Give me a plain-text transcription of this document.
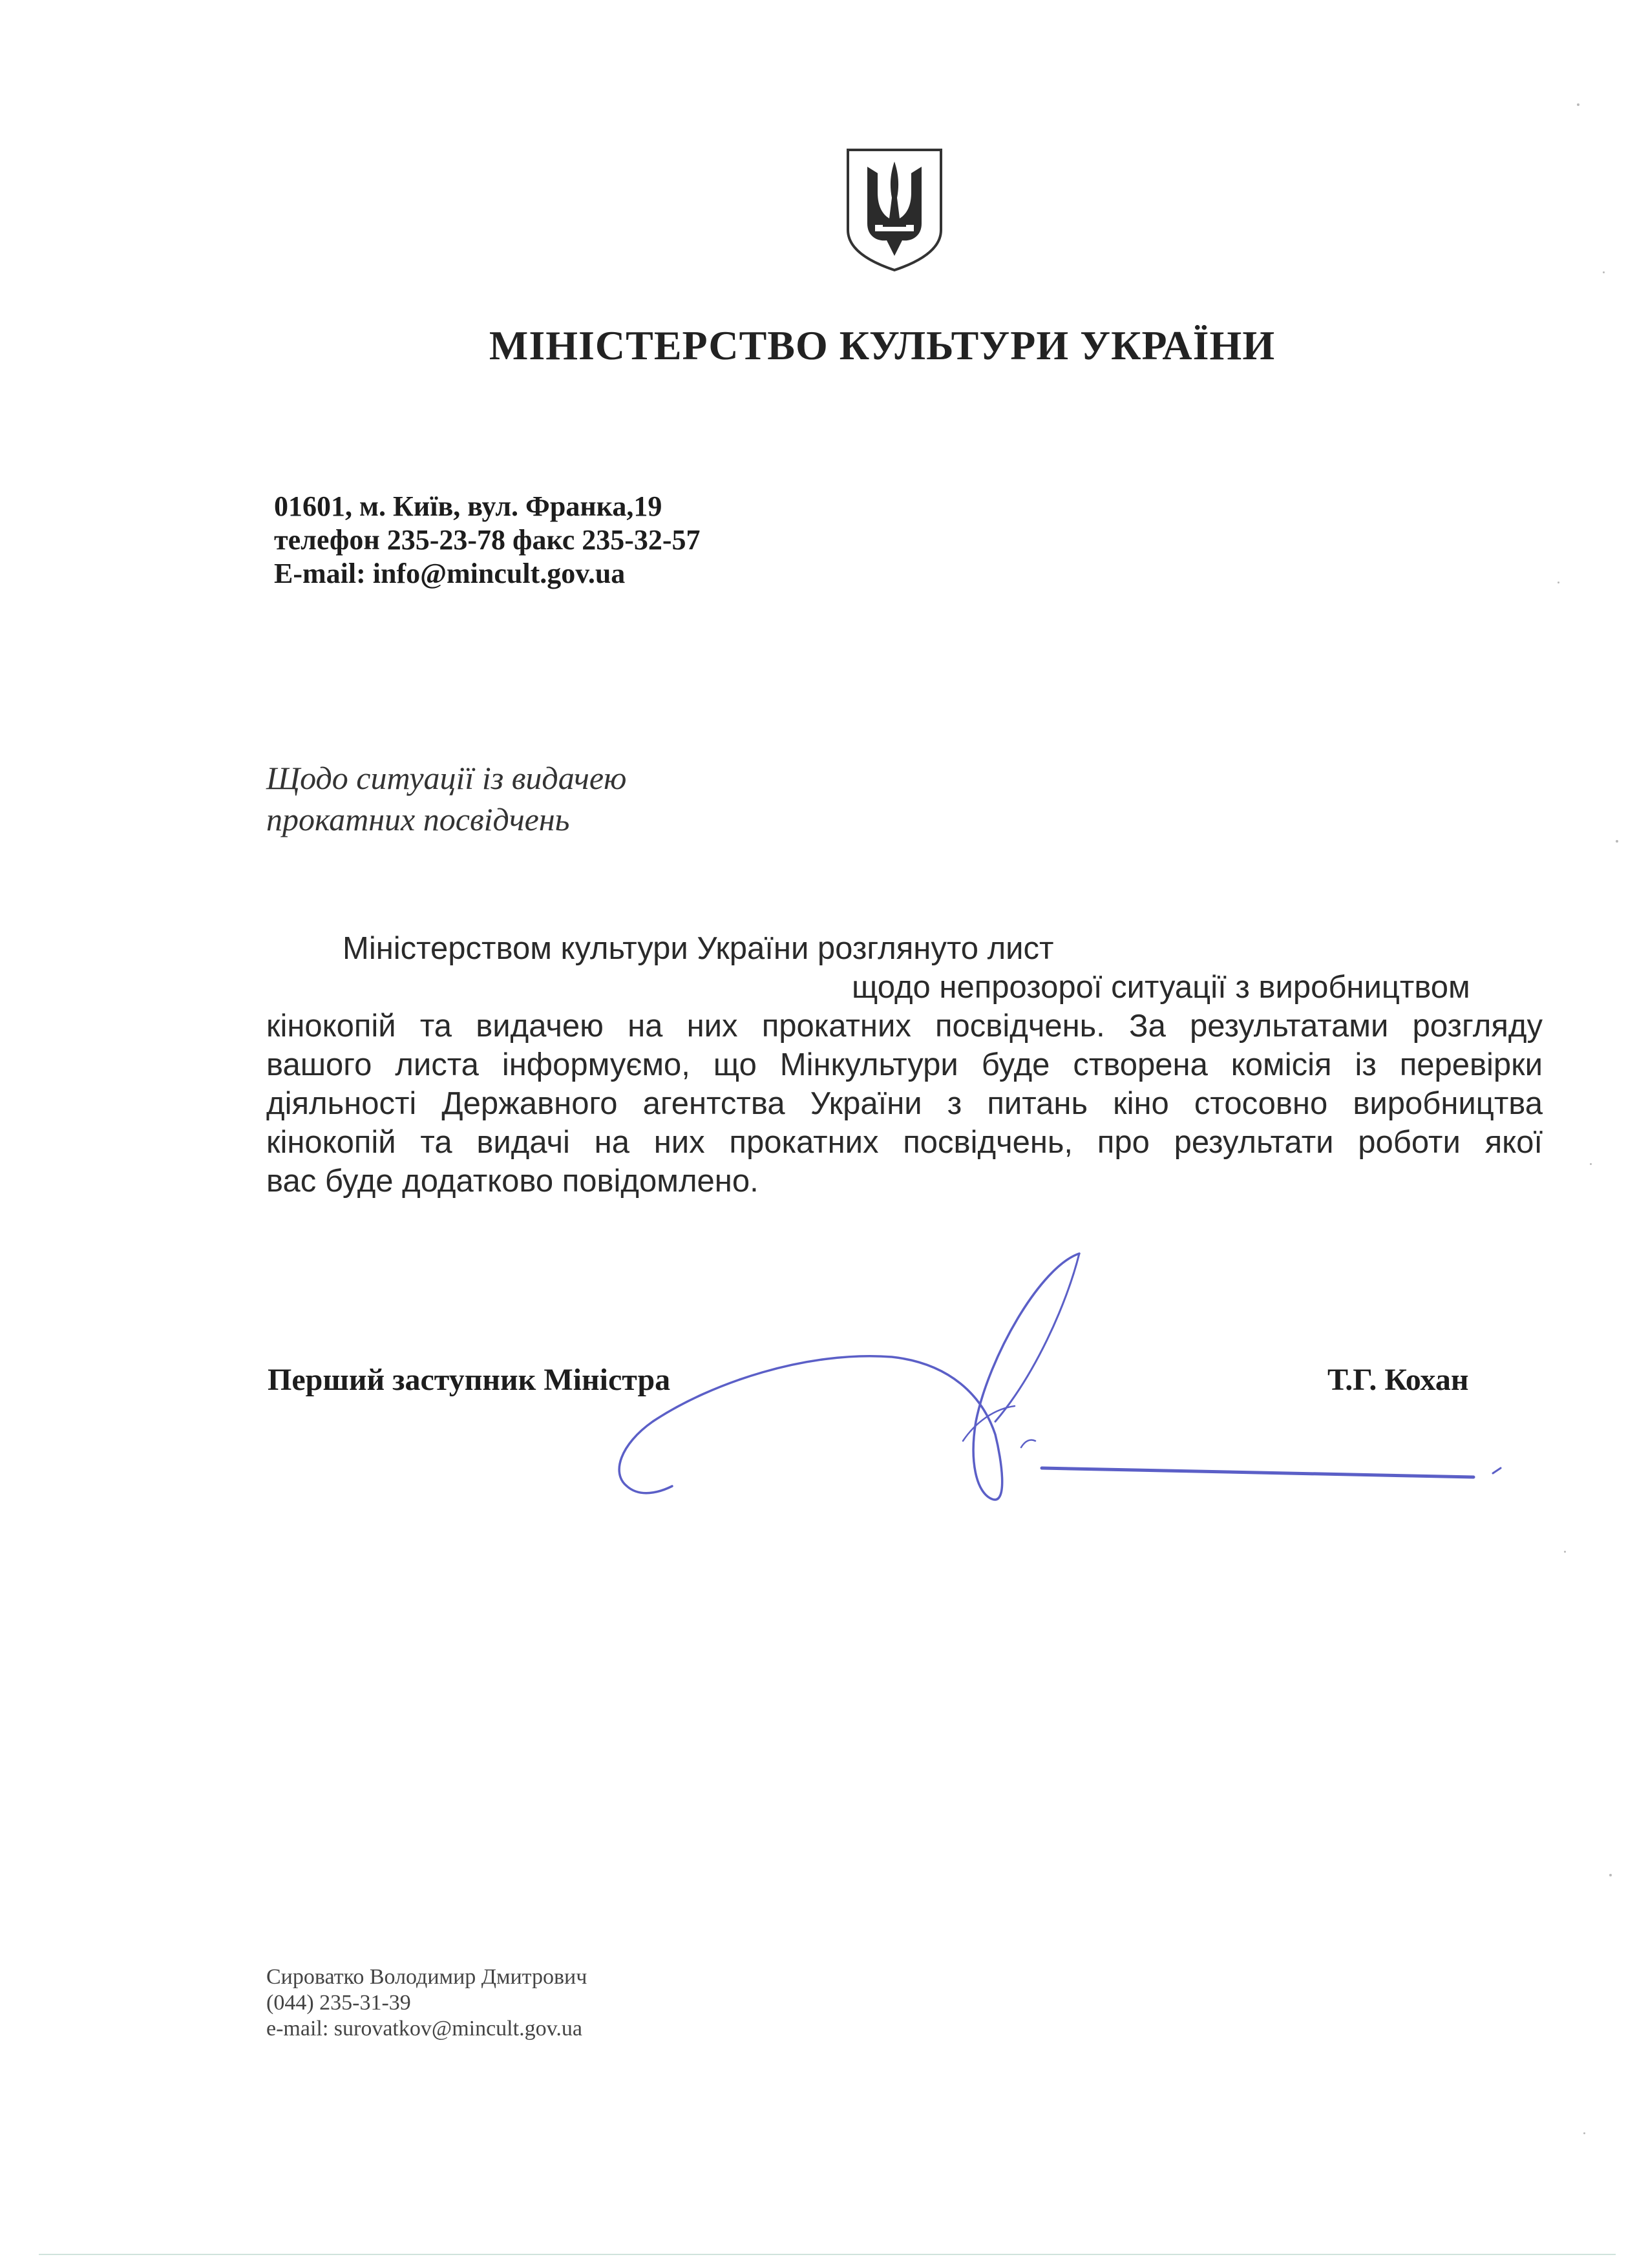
МІНІСТЕРСТВО КУЛЬТУРИ УКРАЇНИ
01601, м. Київ, вул. Франка,19
телефон 235-23-78 факс 235-32-57
E-mail: info@mincult.gov.ua
Щодо ситуації із видачею
прокатних посвідчень
Міністерством культури України розглянуто лист
щодо непрозорої ситуації з виробництвом
кінокопій та видачею на них прокатних посвідчень. За результатами розгляду
вашого листа інформуємо, що Мінкультури буде створена комісія із перевірки
діяльності Державного агентства України з питань кіно стосовно виробництва
кінокопій та видачі на них прокатних посвідчень, про результати роботи якої
вас буде додатково повідомлено.
Перший заступник Міністра	Т.Г. Кохан
Сироватко Володимир Дмитрович
(044) 235-31-39
e-mail: surovatkov@mincult.gov.ua
